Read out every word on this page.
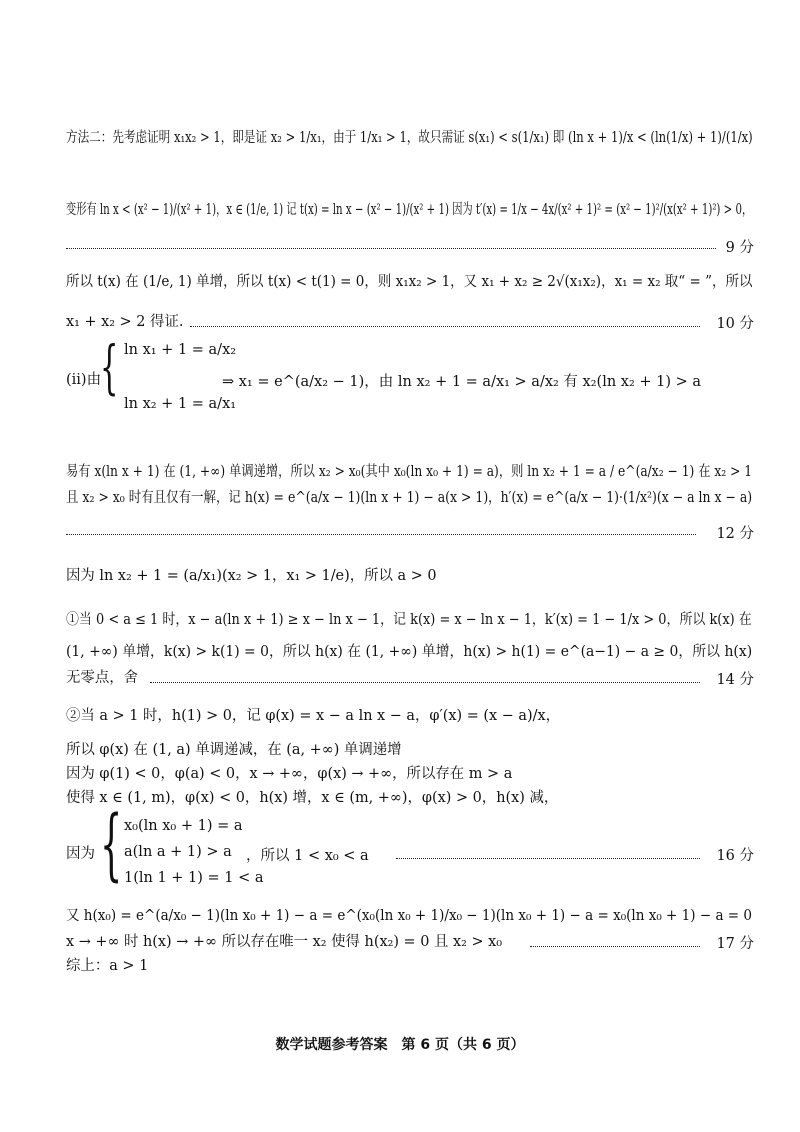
方法二：先考虑证明 x₁x₂ > 1，即是证 x₂ > 1/x₁，由于 1/x₁ > 1，故只需证 s(x₁) < s(1/x₁) 即 (ln x + 1)/x < (ln(1/x) + 1)/(1/x)
变形有 ln x < (x² − 1)/(x² + 1)，x ∈ (1/e, 1) 记 t(x) = ln x − (x² − 1)/(x² + 1) 因为 t′(x) = 1/x − 4x/(x² + 1)² = (x² − 1)²/(x(x² + 1)²) > 0，
9 分
所以 t(x) 在 (1/e, 1) 单增，所以 t(x) < t(1) = 0，则 x₁x₂ > 1，又 x₁ + x₂ ≥ 2√(x₁x₂)，x₁ = x₂ 取“ = ”，所以
x₁ + x₂ > 2 得证.	10 分
{ ln x₁ + 1 = a/x₂
ln x₂ + 1 = a/x₁
(ⅱ)由	⇒ x₁ = e^(a/x₂ − 1)，由 ln x₂ + 1 = a/x₁ > a/x₂ 有 x₂(ln x₂ + 1) > a
易有 x(ln x + 1) 在 (1, +∞) 单调递增，所以 x₂ > x₀(其中 x₀(ln x₀ + 1) = a)，则 ln x₂ + 1 = a / e^(a/x₂ − 1) 在 x₂ > 1
且 x₂ > x₀ 时有且仅有一解，记 h(x) = e^(a/x − 1)(ln x + 1) − a(x > 1)，h′(x) = e^(a/x − 1)·(1/x²)(x − a ln x − a)
12 分
因为 ln x₂ + 1 = (a/x₁)(x₂ > 1，x₁ > 1/e)，所以 a > 0
①当 0 < a ≤ 1 时，x − a(ln x + 1) ≥ x − ln x − 1，记 k(x) = x − ln x − 1，k′(x) = 1 − 1/x > 0，所以 k(x) 在
(1, +∞) 单增，k(x) > k(1) = 0，所以 h(x) 在 (1, +∞) 单增，h(x) > h(1) = e^(a−1) − a ≥ 0，所以 h(x)
无零点，舍	14 分
②当 a > 1 时，h(1) > 0，记 φ(x) = x − a ln x − a，φ′(x) = (x − a)/x，
所以 φ(x) 在 (1, a) 单调递减，在 (a, +∞) 单调递增
因为 φ(1) < 0，φ(a) < 0，x → +∞，φ(x) → +∞，所以存在 m > a
使得 x ∈ (1, m)，φ(x) < 0，h(x) 增，x ∈ (m, +∞)，φ(x) > 0，h(x) 减，
因为 { x₀(ln x₀ + 1) = a
a(ln a + 1) > a
1(ln 1 + 1) = 1 < a
，所以 1 < x₀ < a	16 分
又 h(x₀) = e^(a/x₀ − 1)(ln x₀ + 1) − a = e^(x₀(ln x₀ + 1)/x₀ − 1)(ln x₀ + 1) − a = x₀(ln x₀ + 1) − a = 0
x → +∞ 时 h(x) → +∞ 所以存在唯一 x₂ 使得 h(x₂) = 0 且 x₂ > x₀	17 分
综上：a > 1
数学试题参考答案　第 6 页（共 6 页）
